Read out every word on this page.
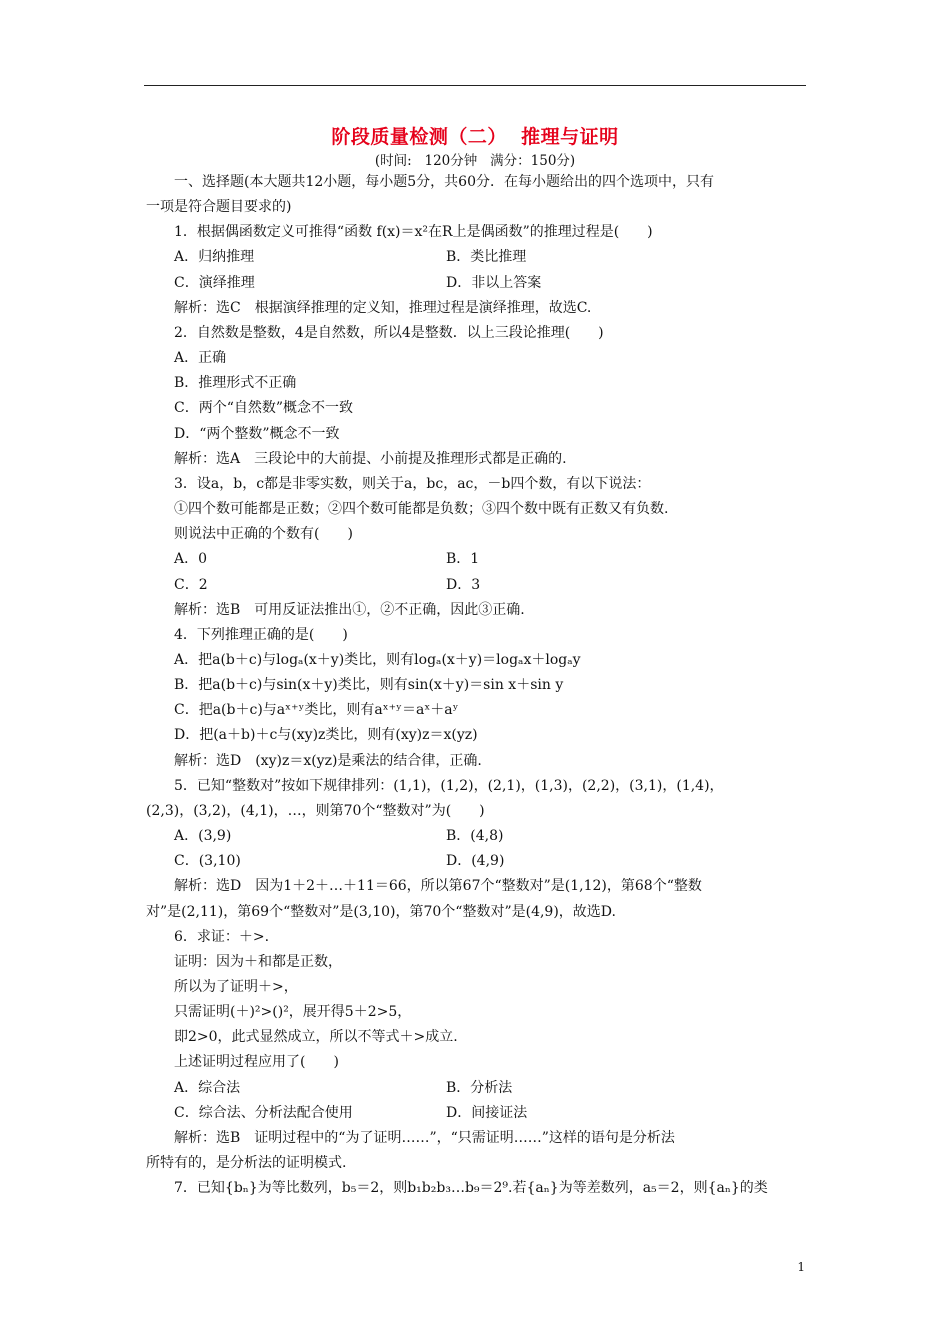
阶段质量检测（二）  推理与证明
(时间:   120分钟   满分：150分)
一、选择题(本大题共12小题，每小题5分，共60分．在每小题给出的四个选项中，只有
一项是符合题目要求的)
1．根据偶函数定义可推得“函数 f(x)＝x²在R上是偶函数”的推理过程是(　　)
A．归纳推理	B．类比推理
C．演绎推理	D．非以上答案
解析：选C　根据演绎推理的定义知，推理过程是演绎推理，故选C.
2．自然数是整数，4是自然数，所以4是整数．以上三段论推理(　　)
A．正确
B．推理形式不正确
C．两个“自然数”概念不一致
D．“两个整数”概念不一致
解析：选A　三段论中的大前提、小前提及推理形式都是正确的.
3．设a，b，c都是非零实数，则关于a，bc，ac，－b四个数，有以下说法：
①四个数可能都是正数；②四个数可能都是负数；③四个数中既有正数又有负数.
则说法中正确的个数有(　　)
A．0	B．1
C．2	D．3
解析：选B　可用反证法推出①，②不正确，因此③正确.
4．下列推理正确的是(　　)
A．把a(b＋c)与logₐ(x＋y)类比，则有logₐ(x＋y)＝logₐx＋logₐy
B．把a(b＋c)与sin(x＋y)类比，则有sin(x＋y)＝sin x＋sin y
C．把a(b＋c)与aˣ⁺ʸ类比，则有aˣ⁺ʸ＝aˣ＋aʸ
D．把(a＋b)＋c与(xy)z类比，则有(xy)z＝x(yz)
解析：选D　(xy)z＝x(yz)是乘法的结合律，正确.
5．已知“整数对”按如下规律排列：(1,1)，(1,2)，(2,1)，(1,3)，(2,2)，(3,1)，(1,4)，
(2,3)，(3,2)，(4,1)，…，则第70个“整数对”为(　　)
A．(3,9)	B．(4,8)
C．(3,10)	D．(4,9)
解析：选D　因为1＋2＋…＋11＝66，所以第67个“整数对”是(1,12)，第68个“整数
对”是(2,11)，第69个“整数对”是(3,10)，第70个“整数对”是(4,9)，故选D.
6．求证：＋>.
证明：因为＋和都是正数，
所以为了证明＋>，
只需证明(＋)²>()²，展开得5＋2>5，
即2>0，此式显然成立，所以不等式＋>成立.
上述证明过程应用了(　　)
A．综合法	B．分析法
C．综合法、分析法配合使用	D．间接证法
解析：选B　证明过程中的“为了证明……”，“只需证明……”这样的语句是分析法
所特有的，是分析法的证明模式.
7．已知{bₙ}为等比数列，b₅＝2，则b₁b₂b₃…b₉＝2⁹.若{aₙ}为等差数列，a₅＝2，则{aₙ}的类
1
